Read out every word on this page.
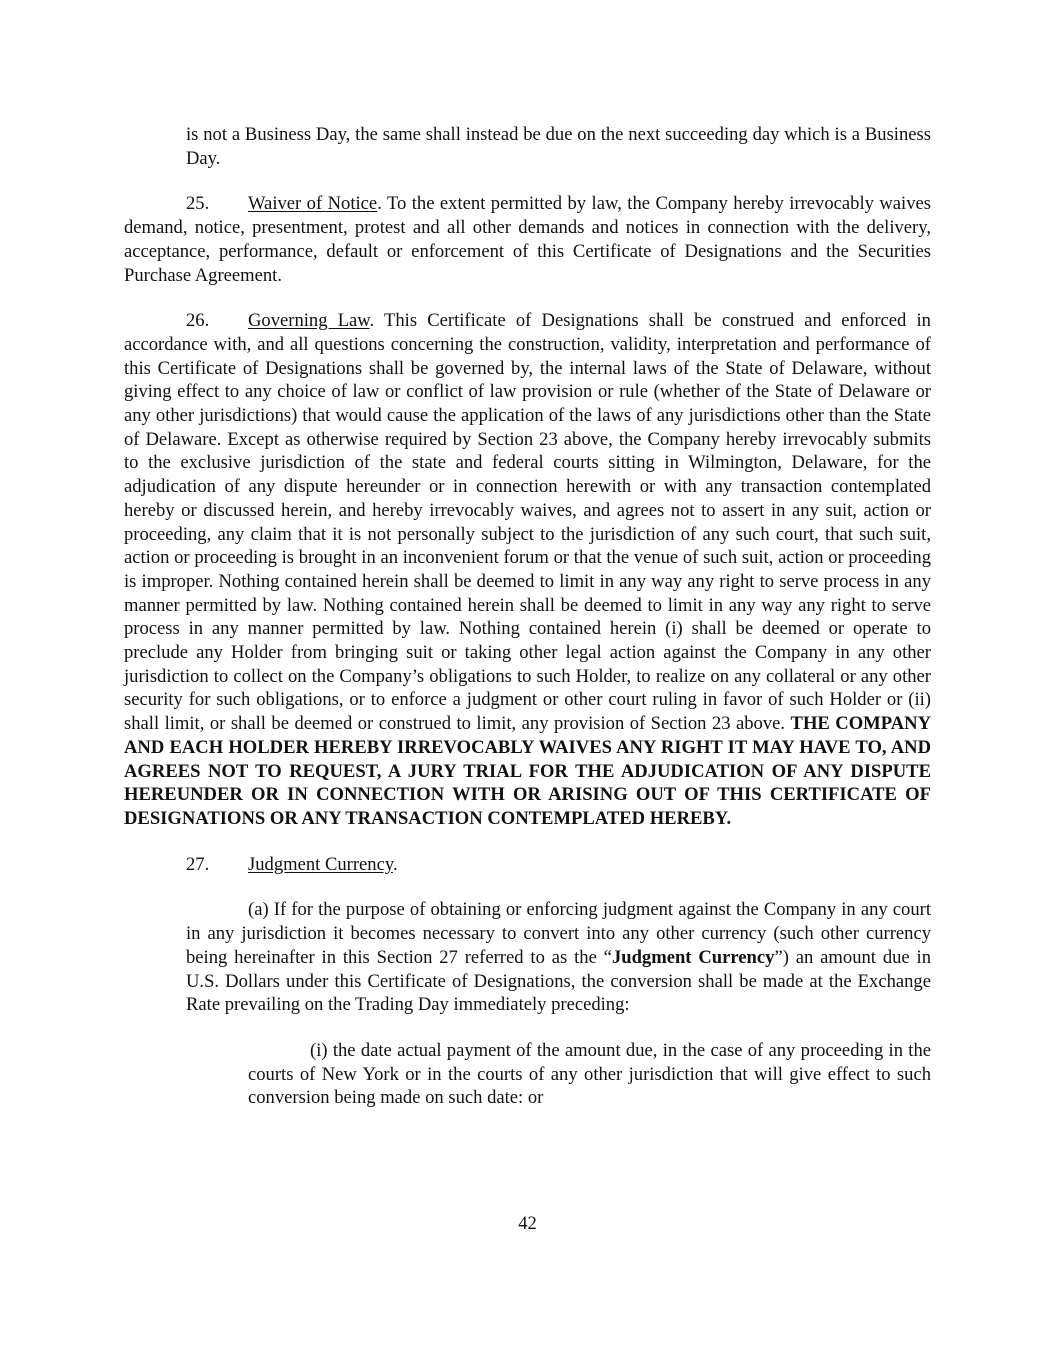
is not a Business Day, the same shall instead be due on the next succeeding day which is a Business Day.

25. Waiver of Notice. To the extent permitted by law, the Company hereby irrevocably waives demand, notice, presentment, protest and all other demands and notices in connection with the delivery, acceptance, performance, default or enforcement of this Certificate of Designations and the Securities Purchase Agreement.

26. Governing Law. This Certificate of Designations shall be construed and enforced in accordance with, and all questions concerning the construction, validity, interpretation and performance of this Certificate of Designations shall be governed by, the internal laws of the State of Delaware, without giving effect to any choice of law or conflict of law provision or rule (whether of the State of Delaware or any other jurisdictions) that would cause the application of the laws of any jurisdictions other than the State of Delaware. Except as otherwise required by Section 23 above, the Company hereby irrevocably submits to the exclusive jurisdiction of the state and federal courts sitting in Wilmington, Delaware, for the adjudication of any dispute hereunder or in connection herewith or with any transaction contemplated hereby or discussed herein, and hereby irrevocably waives, and agrees not to assert in any suit, action or proceeding, any claim that it is not personally subject to the jurisdiction of any such court, that such suit, action or proceeding is brought in an inconvenient forum or that the venue of such suit, action or proceeding is improper. Nothing contained herein shall be deemed to limit in any way any right to serve process in any manner permitted by law. Nothing contained herein shall be deemed to limit in any way any right to serve process in any manner permitted by law. Nothing contained herein (i) shall be deemed or operate to preclude any Holder from bringing suit or taking other legal action against the Company in any other jurisdiction to collect on the Company’s obligations to such Holder, to realize on any collateral or any other security for such obligations, or to enforce a judgment or other court ruling in favor of such Holder or (ii) shall limit, or shall be deemed or construed to limit, any provision of Section 23 above. THE COMPANY AND EACH HOLDER HEREBY IRREVOCABLY WAIVES ANY RIGHT IT MAY HAVE TO, AND AGREES NOT TO REQUEST, A JURY TRIAL FOR THE ADJUDICATION OF ANY DISPUTE HEREUNDER OR IN CONNECTION WITH OR ARISING OUT OF THIS CERTIFICATE OF DESIGNATIONS OR ANY TRANSACTION CONTEMPLATED HEREBY.

27. Judgment Currency.

(a) If for the purpose of obtaining or enforcing judgment against the Company in any court in any jurisdiction it becomes necessary to convert into any other currency (such other currency being hereinafter in this Section 27 referred to as the “Judgment Currency”) an amount due in U.S. Dollars under this Certificate of Designations, the conversion shall be made at the Exchange Rate prevailing on the Trading Day immediately preceding:

(i) the date actual payment of the amount due, in the case of any proceeding in the courts of New York or in the courts of any other jurisdiction that will give effect to such conversion being made on such date: or

42
